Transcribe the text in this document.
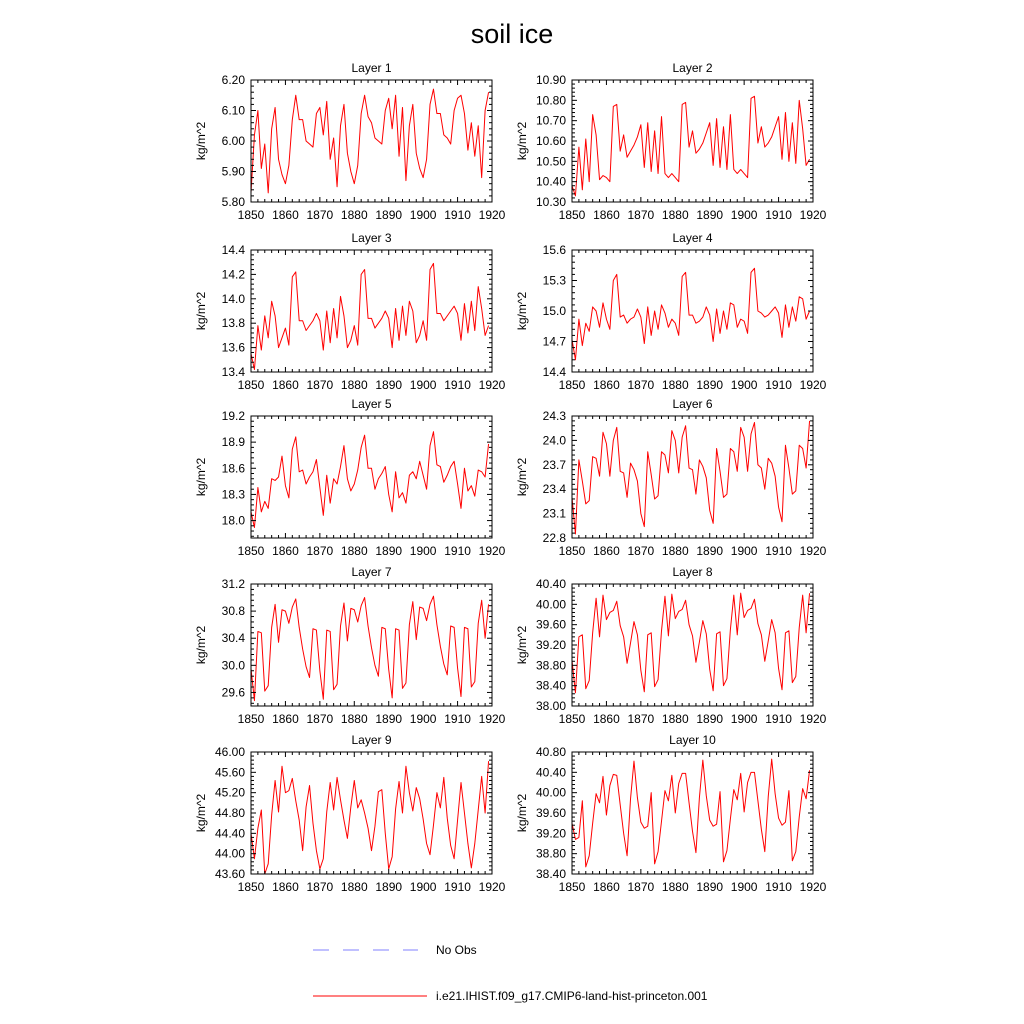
soil ice
Layer 1
kg/m^2
1850 1860 1870 1880 1890 1900 1910 1920
5.80
5.90
6.00
6.10
6.20
Layer 2
kg/m^2
1850 1860 1870 1880 1890 1900 1910 1920
10.30
10.40
10.50
10.60
10.70
10.80
10.90
Layer 3
kg/m^2
1850 1860 1870 1880 1890 1900 1910 1920
13.4
13.6
13.8
14.0
14.2
14.4
Layer 4
kg/m^2
1850 1860 1870 1880 1890 1900 1910 1920
14.4
14.7
15.0
15.3
15.6
Layer 5
kg/m^2
1850 1860 1870 1880 1890 1900 1910 1920
18.0
18.3
18.6
18.9
19.2
Layer 6
kg/m^2
1850 1860 1870 1880 1890 1900 1910 1920
22.8
23.1
23.4
23.7
24.0
24.3
Layer 7
kg/m^2
1850 1860 1870 1880 1890 1900 1910 1920
29.6
30.0
30.4
30.8
31.2
Layer 8
kg/m^2
1850 1860 1870 1880 1890 1900 1910 1920
38.00
38.40
38.80
39.20
39.60
40.00
40.40
Layer 9
kg/m^2
1850 1860 1870 1880 1890 1900 1910 1920
43.60
44.00
44.40
44.80
45.20
45.60
46.00
Layer 10
kg/m^2
1850 1860 1870 1880 1890 1900 1910 1920
38.40
38.80
39.20
39.60
40.00
40.40
40.80
No Obs
i.e21.IHIST.f09_g17.CMIP6-land-hist-princeton.001
